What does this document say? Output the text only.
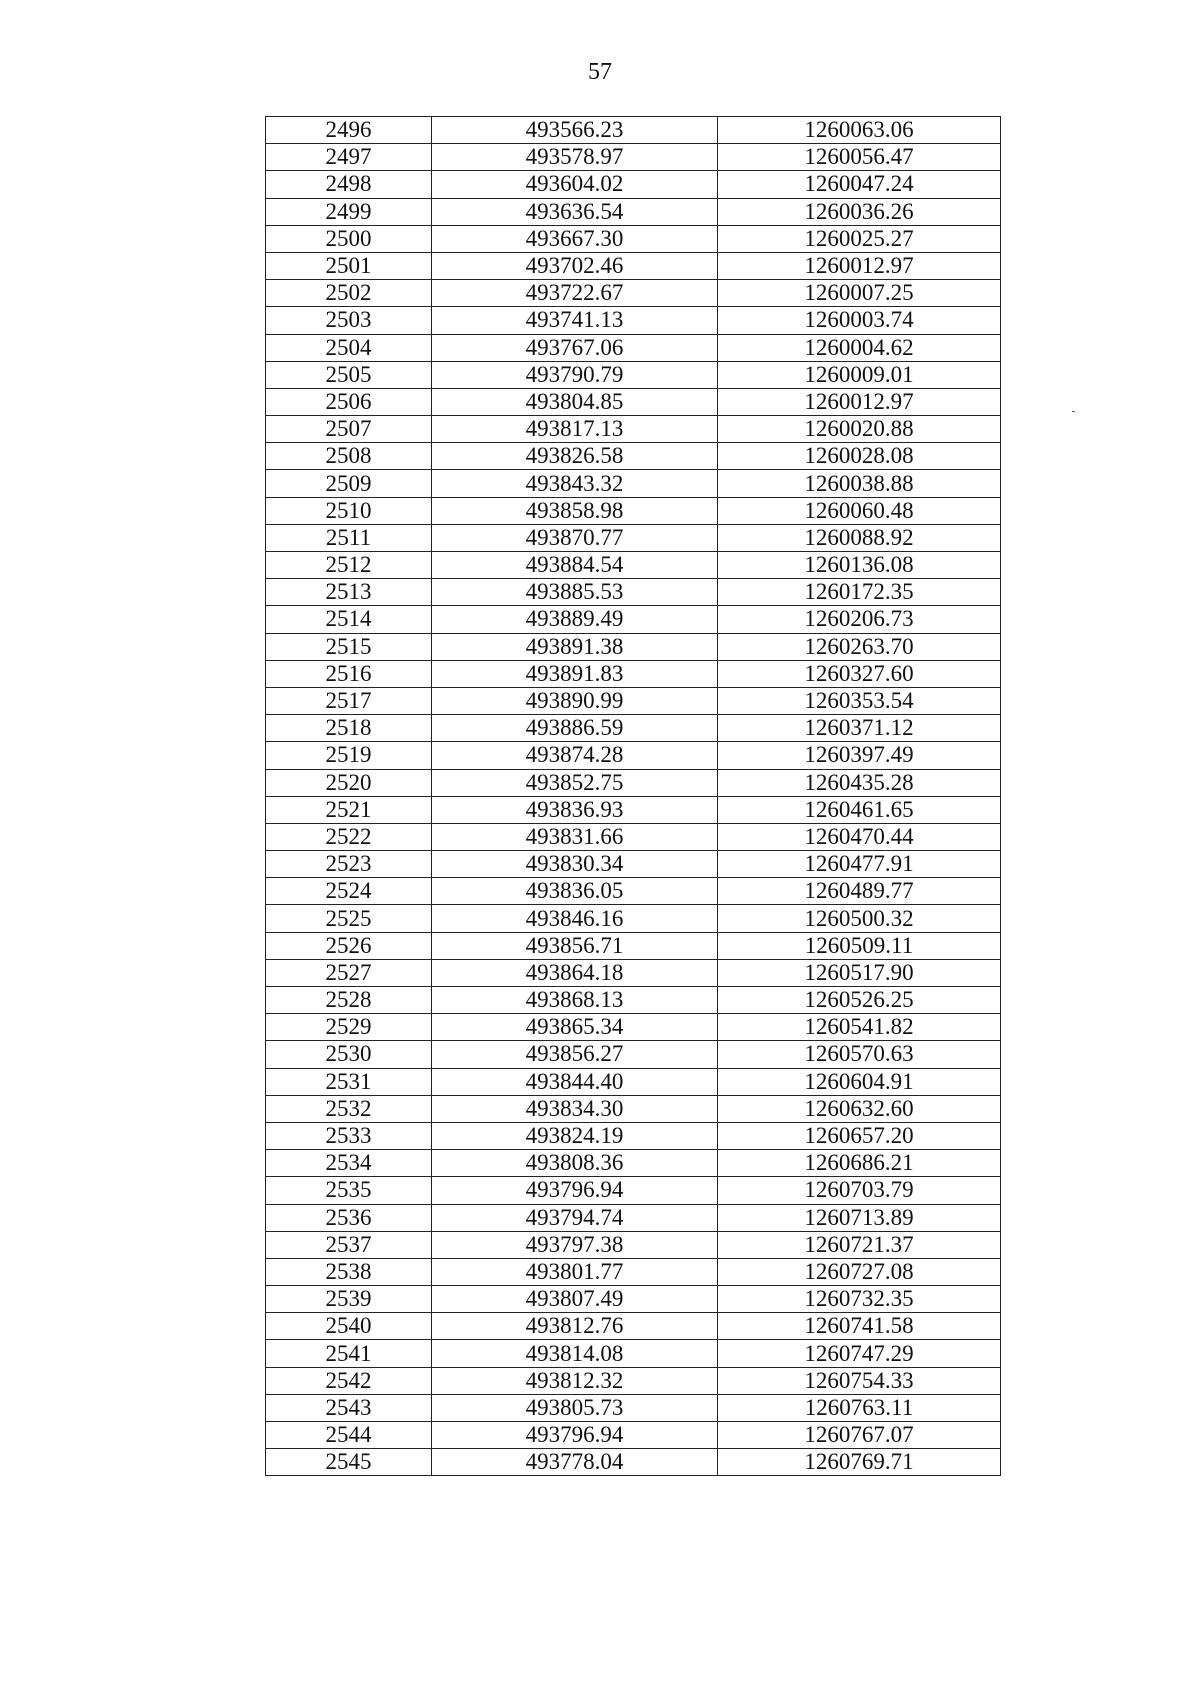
57
2496	493566.23	1260063.06
2497	493578.97	1260056.47
2498	493604.02	1260047.24
2499	493636.54	1260036.26
2500	493667.30	1260025.27
2501	493702.46	1260012.97
2502	493722.67	1260007.25
2503	493741.13	1260003.74
2504	493767.06	1260004.62
2505	493790.79	1260009.01
2506	493804.85	1260012.97
2507	493817.13	1260020.88
2508	493826.58	1260028.08
2509	493843.32	1260038.88
2510	493858.98	1260060.48
2511	493870.77	1260088.92
2512	493884.54	1260136.08
2513	493885.53	1260172.35
2514	493889.49	1260206.73
2515	493891.38	1260263.70
2516	493891.83	1260327.60
2517	493890.99	1260353.54
2518	493886.59	1260371.12
2519	493874.28	1260397.49
2520	493852.75	1260435.28
2521	493836.93	1260461.65
2522	493831.66	1260470.44
2523	493830.34	1260477.91
2524	493836.05	1260489.77
2525	493846.16	1260500.32
2526	493856.71	1260509.11
2527	493864.18	1260517.90
2528	493868.13	1260526.25
2529	493865.34	1260541.82
2530	493856.27	1260570.63
2531	493844.40	1260604.91
2532	493834.30	1260632.60
2533	493824.19	1260657.20
2534	493808.36	1260686.21
2535	493796.94	1260703.79
2536	493794.74	1260713.89
2537	493797.38	1260721.37
2538	493801.77	1260727.08
2539	493807.49	1260732.35
2540	493812.76	1260741.58
2541	493814.08	1260747.29
2542	493812.32	1260754.33
2543	493805.73	1260763.11
2544	493796.94	1260767.07
2545	493778.04	1260769.71
